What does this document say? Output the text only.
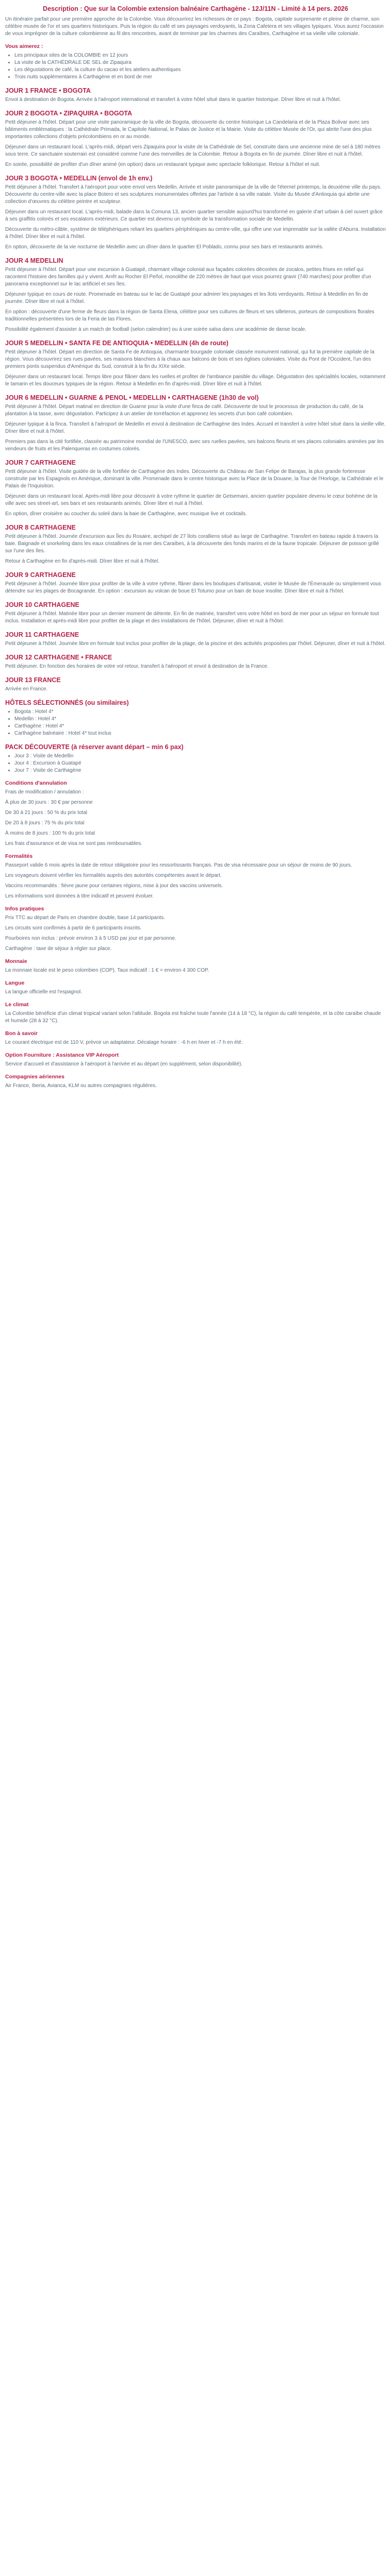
Description : Que sur la Colombie extension balnéaire Carthagène - 12J/11N - Limité à 14 pers. 2026

Un itinéraire parfait pour une première approche de la Colombie. Vous découvrirez les richesses de ce pays : Bogota, capitale surprenante et pleine de charme, son célèbre musée de l'or et ses quartiers historiques. Puis la région du café et ses paysages verdoyants, la Zona Cafetera et ses villages typiques. Vous aurez l'occasion de vous imprégner de la culture colombienne au fil des rencontres, avant de terminer par les charmes des Caraïbes, Carthagène et sa vieille ville coloniale.

Vous aimerez :
• Les principaux sites de la COLOMBIE en 12 jours
• La visite de la CATHÉDRALE DE SEL de Zipaquira
• Les dégustations de café, la culture du cacao et les ateliers authentiques
• Trois nuits supplémentaires à Carthagène et en bord de mer
JOUR 1 FRANCE • BOGOTA

Envol à destination de Bogota. Arrivée à l'aéroport international et transfert à votre hôtel situé dans le quartier historique. Dîner libre et nuit à l'hôtel.

JOUR 2 BOGOTA • ZIPAQUIRA • BOGOTA

Petit déjeuner à l'hôtel. Départ pour une visite panoramique de la ville de Bogota, découverte du centre historique La Candelaria et de la Plaza Bolivar avec ses bâtiments emblématiques : la Cathédrale Primada, le Capitole National, le Palais de Justice et la Mairie. Visite du célèbre Musée de l'Or, qui abrite l'une des plus importantes collections d'objets précolombiens en or au monde.

Déjeuner dans un restaurant local. L'après-midi, départ vers Zipaquira pour la visite de la Cathédrale de Sel, construite dans une ancienne mine de sel à 180 mètres sous terre. Ce sanctuaire souterrain est considéré comme l'une des merveilles de la Colombie. Retour à Bogota en fin de journée. Dîner libre et nuit à l'hôtel.

En soirée, possibilité de profiter d'un dîner animé (en option) dans un restaurant typique avec spectacle folklorique. Retour à l'hôtel et nuit.

JOUR 3 BOGOTA • MEDELLIN (envol de 1h env.)

Petit déjeuner à l'hôtel. Transfert à l'aéroport pour votre envol vers Medellin. Arrivée et visite panoramique de la ville de l'éternel printemps, la deuxième ville du pays. Découverte du centre-ville avec la place Botero et ses sculptures monumentales offertes par l'artiste à sa ville natale. Visite du Musée d'Antioquia qui abrite une collection d'œuvres du célèbre peintre et sculpteur.

Déjeuner dans un restaurant local. L'après-midi, balade dans la Comuna 13, ancien quartier sensible aujourd'hui transformé en galerie d'art urbain à ciel ouvert grâce à ses graffitis colorés et ses escalators extérieurs. Ce quartier est devenu un symbole de la transformation sociale de Medellin.

Découverte du métro-câble, système de téléphériques reliant les quartiers périphériques au centre-ville, qui offre une vue imprenable sur la vallée d'Aburra. Installation à l'hôtel. Dîner libre et nuit à l'hôtel.

En option, découverte de la vie nocturne de Medellin avec un dîner dans le quartier El Poblado, connu pour ses bars et restaurants animés.

JOUR 4 MEDELLIN

Petit déjeuner à l'hôtel. Départ pour une excursion à Guatapé, charmant village colonial aux façades colorées décorées de zocalos, petites frises en relief qui racontent l'histoire des familles qui y vivent. Arrêt au Rocher El Peñol, monolithe de 220 mètres de haut que vous pourrez gravir (740 marches) pour profiter d'un panorama exceptionnel sur le lac artificiel et ses îles.

Déjeuner typique en cours de route. Promenade en bateau sur le lac de Guatapé pour admirer les paysages et les îlots verdoyants. Retour à Medellin en fin de journée. Dîner libre et nuit à l'hôtel.

En option : découverte d'une ferme de fleurs dans la région de Santa Elena, célèbre pour ses cultures de fleurs et ses silleteros, porteurs de compositions florales traditionnelles présentées lors de la Feria de las Flores.

Possibilité également d'assister à un match de football (selon calendrier) ou à une soirée salsa dans une académie de danse locale.

JOUR 5 MEDELLIN • SANTA FE DE ANTIOQUIA • MEDELLIN (4h de route)

Petit déjeuner à l'hôtel. Départ en direction de Santa Fe de Antioquia, charmante bourgade coloniale classée monument national, qui fut la première capitale de la région. Vous découvrirez ses rues pavées, ses maisons blanchies à la chaux aux balcons de bois et ses églises coloniales. Visite du Pont de l'Occident, l'un des premiers ponts suspendus d'Amérique du Sud, construit à la fin du XIXe siècle.

Déjeuner dans un restaurant local. Temps libre pour flâner dans les ruelles et profiter de l'ambiance paisible du village. Dégustation des spécialités locales, notamment le tamarin et les douceurs typiques de la région. Retour à Medellin en fin d'après-midi. Dîner libre et nuit à l'hôtel.

JOUR 6 MEDELLIN • GUARNE & PENOL • MEDELLIN • CARTHAGENE (1h30 de vol)

Petit déjeuner à l'hôtel. Départ matinal en direction de Guarne pour la visite d'une finca de café. Découverte de tout le processus de production du café, de la plantation à la tasse, avec dégustation. Participez à un atelier de torréfaction et apprenez les secrets d'un bon café colombien.

Déjeuner typique à la finca. Transfert à l'aéroport de Medellin et envol à destination de Carthagène des Indes. Accueil et transfert à votre hôtel situé dans la vieille ville. Dîner libre et nuit à l'hôtel.

Premiers pas dans la cité fortifiée, classée au patrimoine mondial de l'UNESCO, avec ses ruelles pavées, ses balcons fleuris et ses places coloniales animées par les vendeurs de fruits et les Palenqueras en costumes colorés.

JOUR 7 CARTHAGENE

Petit déjeuner à l'hôtel. Visite guidée de la ville fortifiée de Carthagène des Indes. Découverte du Château de San Felipe de Barajas, la plus grande forteresse construite par les Espagnols en Amérique, dominant la ville. Promenade dans le centre historique avec la Place de la Douane, la Tour de l'Horloge, la Cathédrale et le Palais de l'Inquisition.

Déjeuner dans un restaurant local. Après-midi libre pour découvrir à votre rythme le quartier de Getsemani, ancien quartier populaire devenu le cœur bohème de la ville avec ses street-art, ses bars et ses restaurants animés. Dîner libre et nuit à l'hôtel.

En option, dîner croisière au coucher du soleil dans la baie de Carthagène, avec musique live et cocktails.

JOUR 8 CARTHAGENE

Petit déjeuner à l'hôtel. Journée d'excursion aux Îles du Rosaire, archipel de 27 îlots coralliens situé au large de Carthagène. Transfert en bateau rapide à travers la baie. Baignade et snorkeling dans les eaux cristallines de la mer des Caraïbes, à la découverte des fonds marins et de la faune tropicale. Déjeuner de poisson grillé sur l'une des îles.

Retour à Carthagène en fin d'après-midi. Dîner libre et nuit à l'hôtel.

JOUR 9 CARTHAGENE

Petit déjeuner à l'hôtel. Journée libre pour profiter de la ville à votre rythme, flâner dans les boutiques d'artisanat, visiter le Musée de l'Émeraude ou simplement vous détendre sur les plages de Bocagrande. En option : excursion au volcan de boue El Totumo pour un bain de boue insolite. Dîner libre et nuit à l'hôtel.

JOUR 10 CARTHAGENE

Petit déjeuner à l'hôtel. Matinée libre pour un dernier moment de détente. En fin de matinée, transfert vers votre hôtel en bord de mer pour un séjour en formule tout inclus. Installation et après-midi libre pour profiter de la plage et des installations de l'hôtel. Déjeuner, dîner et nuit à l'hôtel.

JOUR 11 CARTHAGENE

Petit déjeuner à l'hôtel. Journée libre en formule tout inclus pour profiter de la plage, de la piscine et des activités proposées par l'hôtel. Déjeuner, dîner et nuit à l'hôtel.

JOUR 12 CARTHAGENE • FRANCE

Petit déjeuner. En fonction des horaires de votre vol retour, transfert à l'aéroport et envol à destination de la France.

JOUR 13 FRANCE

Arrivée en France.

HÔTELS SÉLECTIONNÉS (ou similaires)
• Bogota : Hotel 4*
• Medellin : Hotel 4*
• Carthagène : Hotel 4*
• Carthagène balnéaire : Hotel 4* tout inclus
PACK DÉCOUVERTE (à réserver avant départ – min 6 pax)
• Jour 3 : Visite de Medellin
• Jour 4 : Excursion à Guatapé
• Jour 7 : Visite de Carthagène
Conditions d'annulation

Frais de modification / annulation :

À plus de 30 jours : 30 € par personne

De 30 à 21 jours : 50 % du prix total

De 20 à 8 jours : 75 % du prix total

À moins de 8 jours : 100 % du prix total

Les frais d'assurance et de visa ne sont pas remboursables.

Formalités

Passeport valide 6 mois après la date de retour obligatoire pour les ressortissants français. Pas de visa nécessaire pour un séjour de moins de 90 jours.

Les voyageurs doivent vérifier les formalités auprès des autorités compétentes avant le départ.

Vaccins recommandés : fièvre jaune pour certaines régions, mise à jour des vaccins universels.

Les informations sont données à titre indicatif et peuvent évoluer.

Infos pratiques

Prix TTC au départ de Paris en chambre double, base 14 participants.

Les circuits sont confirmés à partir de 6 participants inscrits.

Pourboires non inclus : prévoir environ 3 à 5 USD par jour et par personne.

Carthagène : taxe de séjour à régler sur place.

Monnaie

La monnaie locale est le peso colombien (COP). Taux indicatif : 1 € = environ 4 300 COP.

Langue

La langue officielle est l'espagnol.

Le climat

La Colombie bénéficie d'un climat tropical variant selon l'altitude. Bogota est fraîche toute l'année (14 à 18 °C), la région du café tempérée, et la côte caraïbe chaude et humide (28 à 32 °C).

Bon à savoir

Le courant électrique est de 110 V, prévoir un adaptateur. Décalage horaire : -6 h en hiver et -7 h en été.

Option Fourniture : Assistance VIP Aéroport

Service d'accueil et d'assistance à l'aéroport à l'arrivée et au départ (en supplément, selon disponibilité).

Compagnies aériennes

Air France, Iberia, Avianca, KLM ou autres compagnies régulières.
